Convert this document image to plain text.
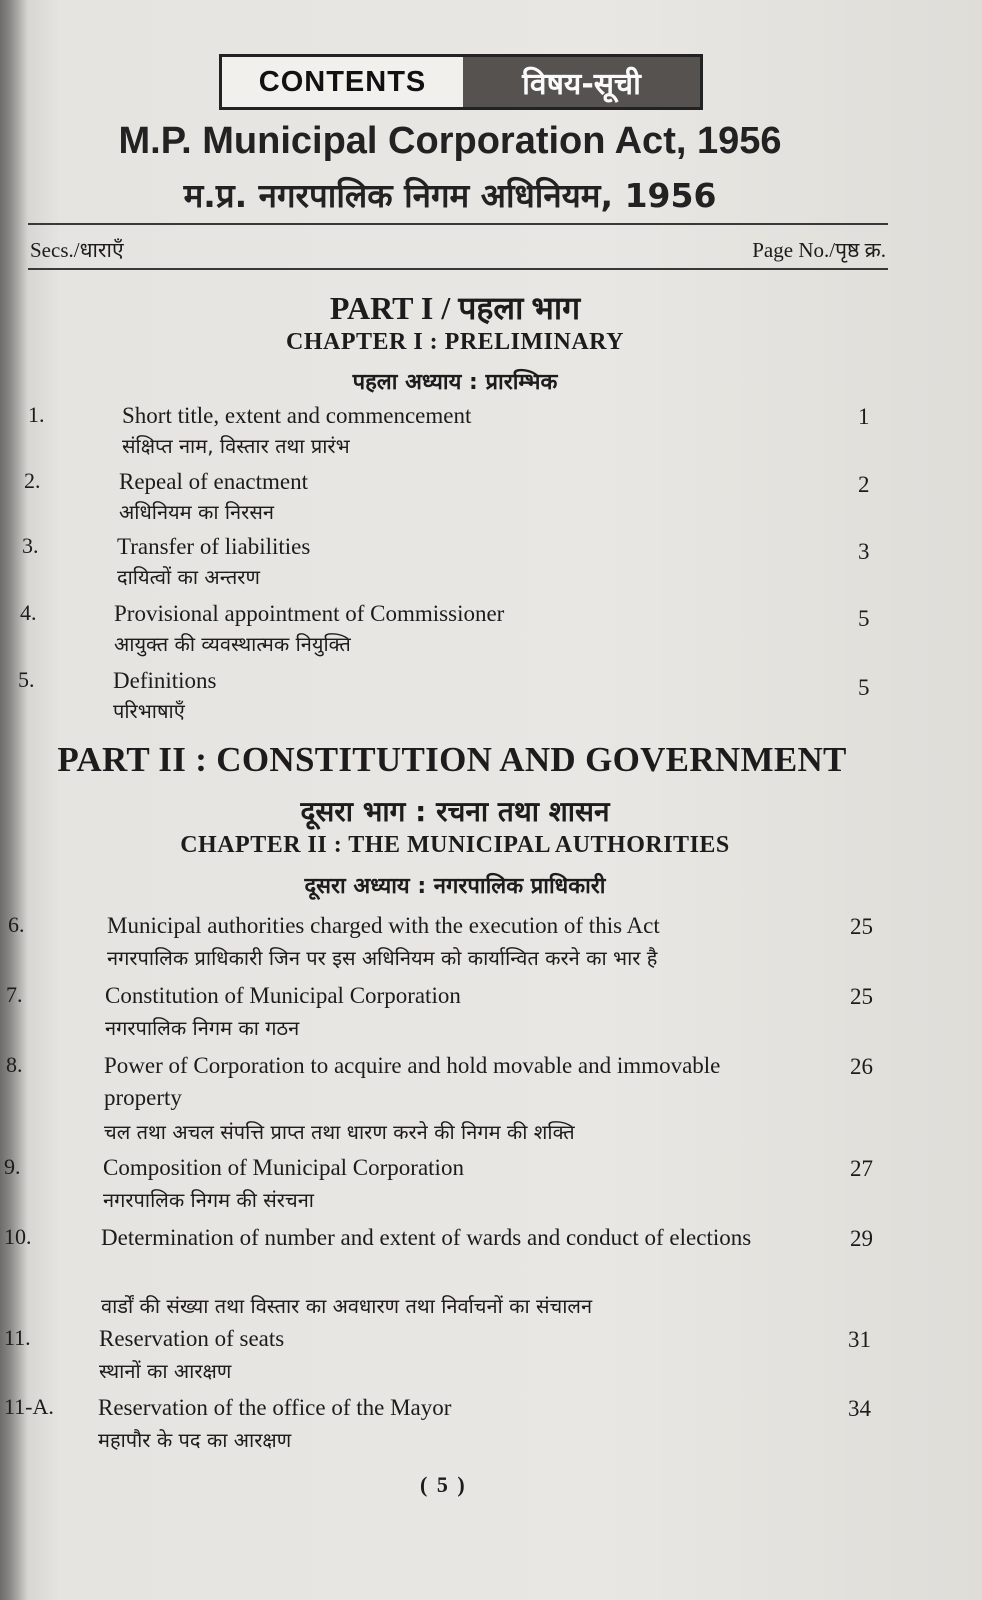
CONTENTS	विषय-सूची
M.P. Municipal Corporation Act, 1956
म.प्र. नगरपालिक निगम अधिनियम, 1956
Secs./धाराएँ	Page No./पृष्ठ क्र.
PART I / पहला भाग
CHAPTER I : PRELIMINARY
पहला अध्याय : प्रारम्भिक
1.	Short title, extent and commencement
संक्षिप्त नाम, विस्तार तथा प्रारंभ
1
2.	Repeal of enactment
अधिनियम का निरसन
2
3.	Transfer of liabilities
दायित्वों का अन्तरण
3
4.	Provisional appointment of Commissioner
आयुक्त की व्यवस्थात्मक नियुक्ति
5
5.	Definitions
परिभाषाएँ
5
PART II : CONSTITUTION AND GOVERNMENT
दूसरा भाग : रचना तथा शासन
CHAPTER II : THE MUNICIPAL AUTHORITIES
दूसरा अध्याय : नगरपालिक प्राधिकारी
6.	Municipal authorities charged with the execution of this Act
नगरपालिक प्राधिकारी जिन पर इस अधिनियम को कार्यान्वित करने का भार है
25
7.	Constitution of Municipal Corporation
नगरपालिक निगम का गठन
25
8.	Power of Corporation to acquire and hold movable and immovable property
चल तथा अचल संपत्ति प्राप्त तथा धारण करने की निगम की शक्ति
26
9.	Composition of Municipal Corporation
नगरपालिक निगम की संरचना
27
10.	Determination of number and extent of wards and conduct of elections
वार्डों की संख्या तथा विस्तार का अवधारण तथा निर्वाचनों का संचालन
29
11.	Reservation of seats
स्थानों का आरक्षण
31
11-A. Reservation of the office of the Mayor
महापौर के पद का आरक्षण
34
( 5 )
